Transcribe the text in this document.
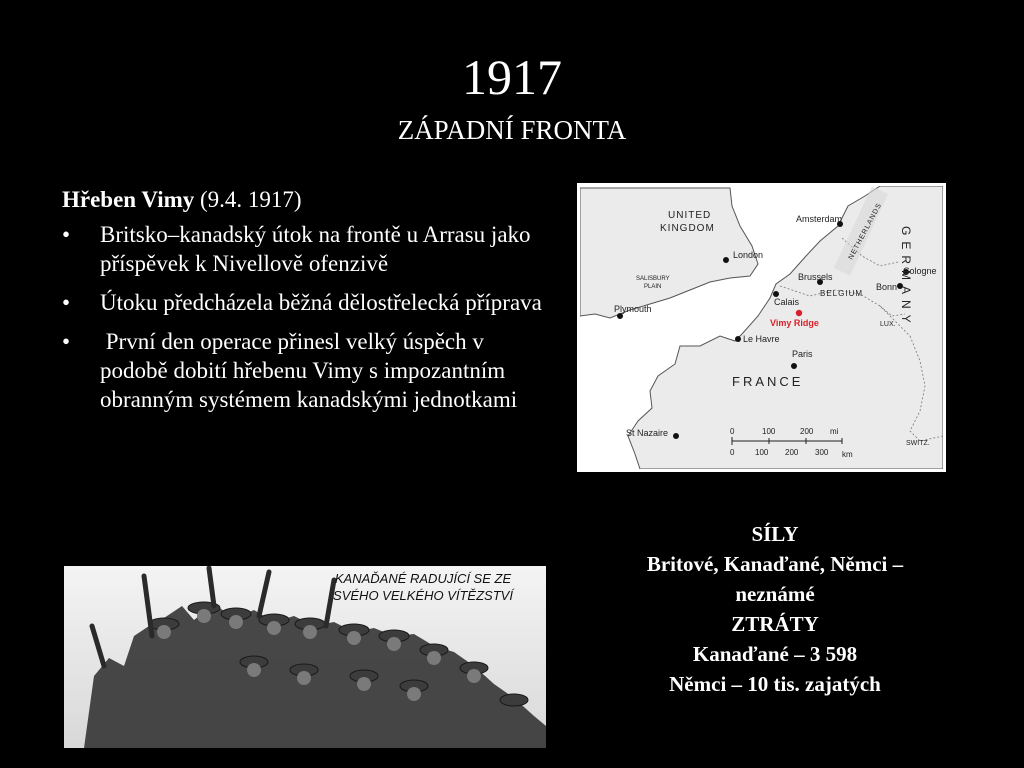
1917
ZÁPADNÍ FRONTA
Hřeben Vimy (9.4. 1917)
• Britsko–kanadský útok na frontě u Arrasu jako příspěvek k Nivellově ofenzivě
• Útoku předcházela běžná dělostřelecká příprava
• První den operace přinesl velký úspěch v podobě dobití hřebenu Vimy s impozantním obranným systémem kanadskými jednotkami
0	100	200 mi
0	100 200 300 km
UNITED
KINGDOM
SALISBURY
PLAIN
Amsterdam NETHERLANDS GERMANY
London
Brussels
BELGIUM
Cologne
Bonn
Plymouth
Calais
Vimy Ridge	LUX.
Le Havre
Paris
FRANCE
St Nazaire
SWITZ.
SÍLY
Britové, Kanaďané, Němci –
neznámé
ZTRÁTY
Kanaďané – 3 598
Němci – 10 tis. zajatých
KANAĎANÉ RADUJÍCÍ SE ZE SVÉHO VELKÉHO VÍTĚZSTVÍ
